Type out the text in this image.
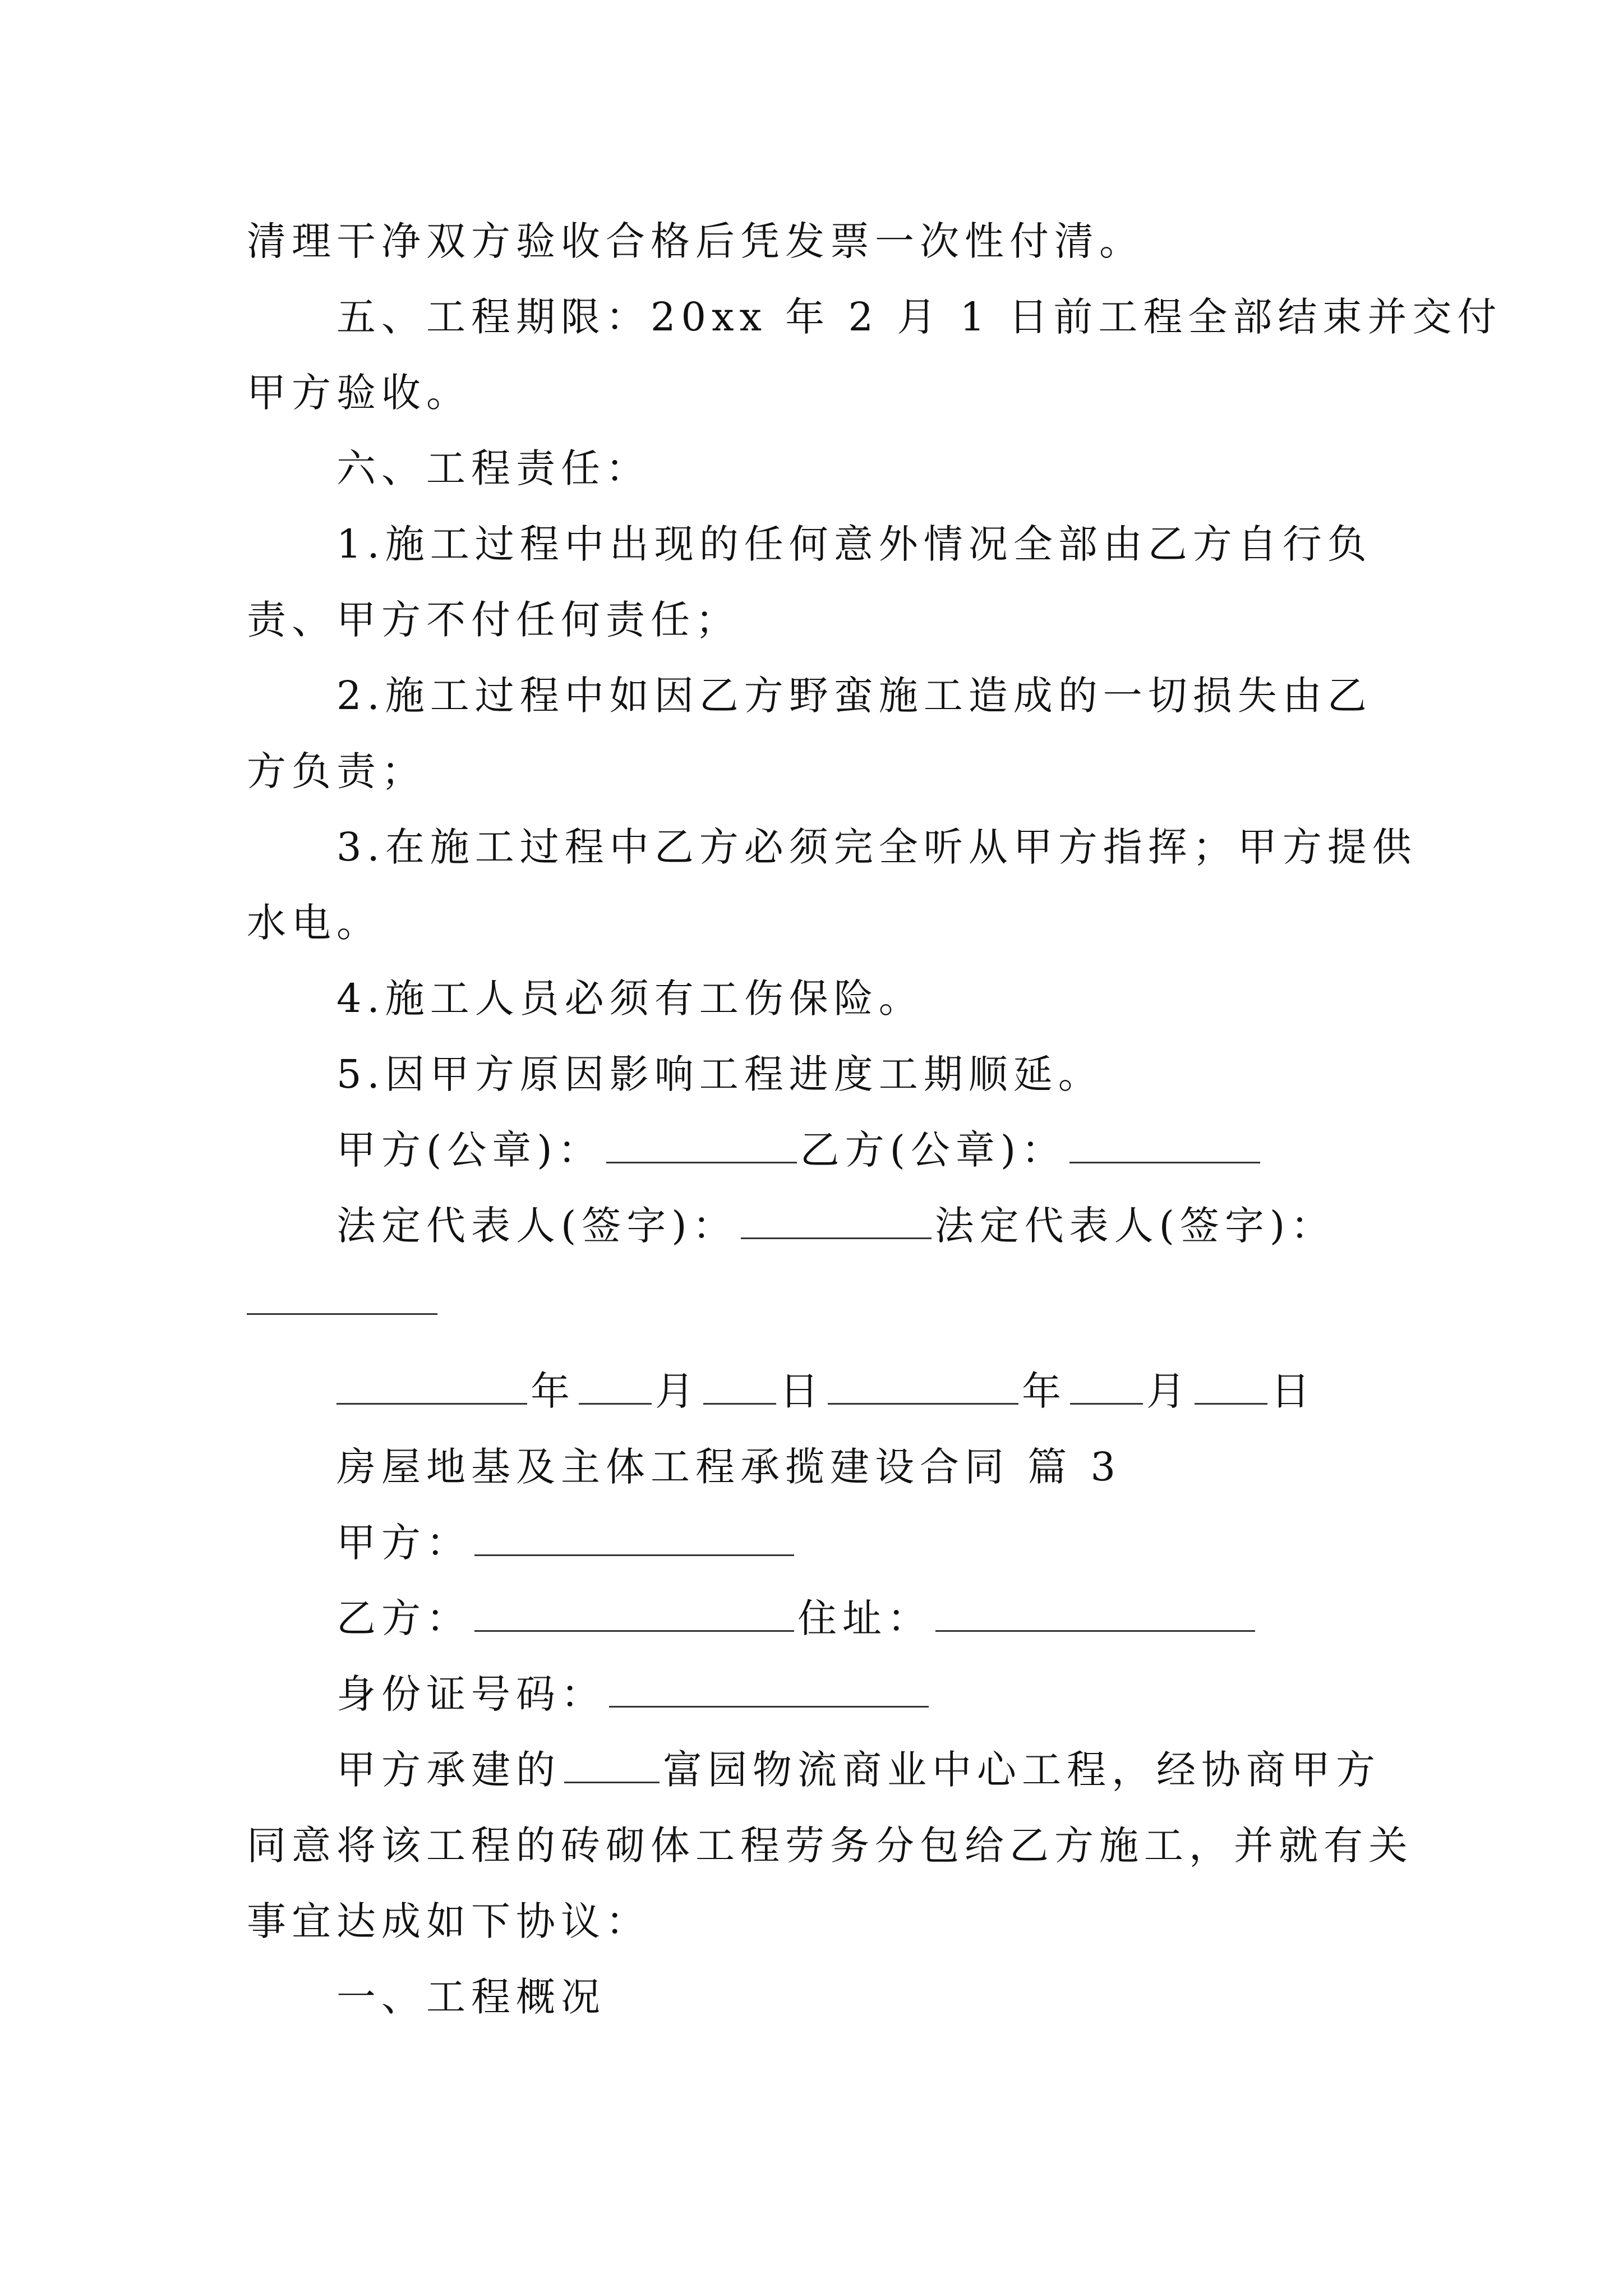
清理干净双方验收合格后凭发票一次性付清。
五、工程期限：20xx 年 2 月 1 日前工程全部结束并交付
甲方验收。
六、工程责任：
1.施工过程中出现的任何意外情况全部由乙方自行负
责、甲方不付任何责任；
2.施工过程中如因乙方野蛮施工造成的一切损失由乙
方负责；
3.在施工过程中乙方必须完全听从甲方指挥；甲方提供
水电。
4.施工人员必须有工伤保险。
5.因甲方原因影响工程进度工期顺延。
甲方(公章)：	乙方(公章)：
法定代表人(签字)：	法定代表人(签字)：
年 月 日	年 月 日
房屋地基及主体工程承揽建设合同 篇 3
甲方：
乙方：	住址：
身份证号码：
甲方承建的	富园物流商业中心工程，经协商甲方
同意将该工程的砖砌体工程劳务分包给乙方施工，并就有关
事宜达成如下协议：
一、工程概况
